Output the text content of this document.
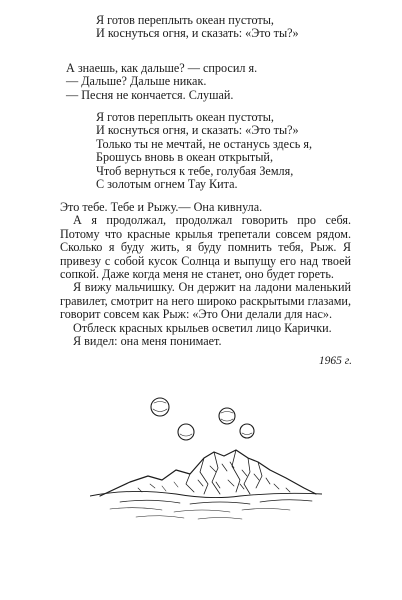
Я готов переплыть океан пустоты,
И коснуться огня, и сказать: «Это ты?»
А знаешь, как дальше? — спросил я.
— Дальше? Дальше никак.
— Песня не кончается. Слушай.
Я готов переплыть океан пустоты,
И коснуться огня, и сказать: «Это ты?»
Только ты не мечтай, не останусь здесь я,
Брошусь вновь в океан открытый,
Чтоб вернуться к тебе, голубая Земля,
С золотым огнем Тау Кита.

Это тебе. Тебе и Рыжу.— Она кивнула.

А я продолжал, продолжал говорить про себя. Потому что красные крылья трепетали совсем рядом. Сколько я буду жить, я буду помнить тебя, Рыж. Я привезу с собой кусок Солнца и выпущу его над твоей сопкой. Даже когда меня не станет, оно будет гореть.

Я вижу мальчишку. Он держит на ладони маленький гравилет, смотрит на него широко раскрытыми глазами, говорит совсем как Рыж: «Это Они делали для нас».

Отблеск красных крыльев осветил лицо Карички.

Я видел: она меня понимает.

1965 г.
